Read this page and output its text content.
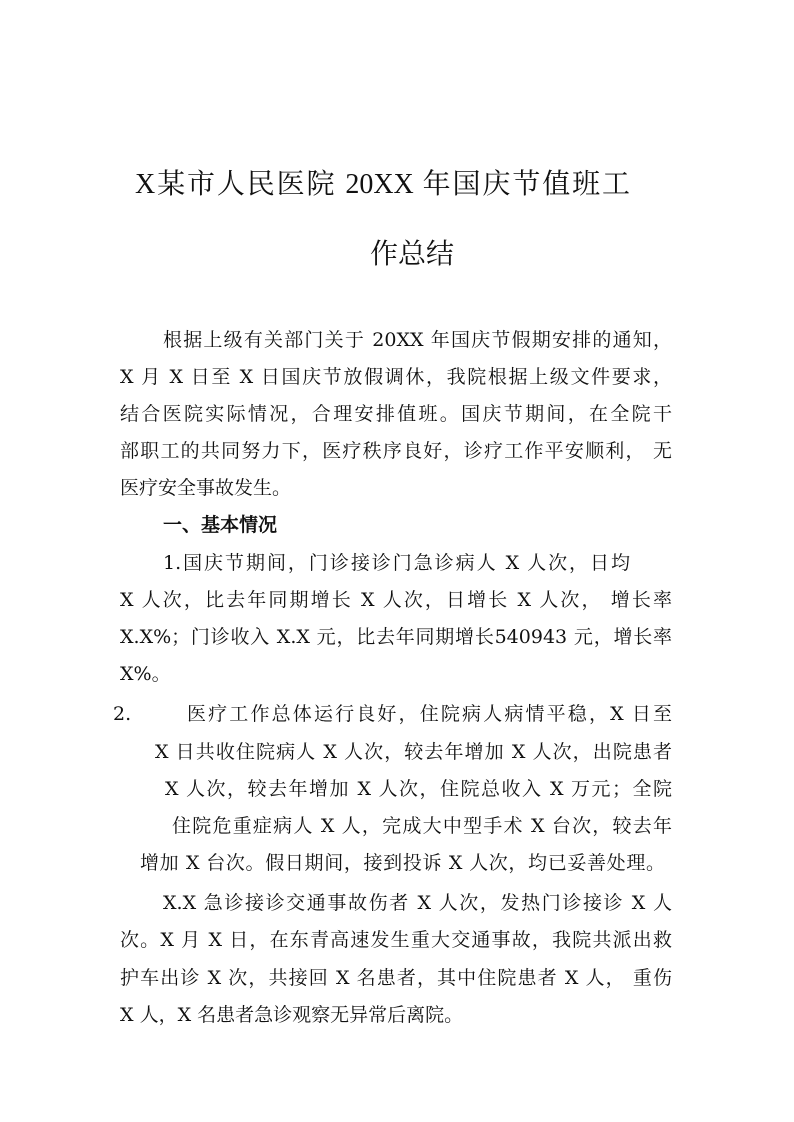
X某市人民医院 20XX 年国庆节值班工
作总结
根据上级有关部门关于 20XX 年国庆节假期安排的通知，
X 月 X 日至 X 日国庆节放假调休，我院根据上级文件要求，
结合医院实际情况，合理安排值班。国庆节期间，在全院干
部职工的共同努力下，医疗秩序良好，诊疗工作平安顺利， 无
医疗安全事故发生。
一、基本情况
1.国庆节期间，门诊接诊门急诊病人 X 人次，日均
X 人次，比去年同期增长 X 人次，日增长 X 人次， 增长率
X.X%；门诊收入 X.X 元，比去年同期增长540943 元，增长率
X%。
2.	医疗工作总体运行良好，住院病人病情平稳，X 日至
X 日共收住院病人 X 人次，较去年增加 X 人次，出院患者
X 人次，较去年增加 X 人次，住院总收入 X 万元；全院
住院危重症病人 X 人，完成大中型手术 X 台次，较去年
增加 X 台次。假日期间，接到投诉 X 人次，均已妥善处理。
X.X 急诊接诊交通事故伤者 X 人次，发热门诊接诊 X 人
次。X 月 X 日，在东青高速发生重大交通事故，我院共派出救
护车出诊 X 次，共接回 X 名患者，其中住院患者 X 人， 重伤
X 人，X 名患者急诊观察无异常后离院。
